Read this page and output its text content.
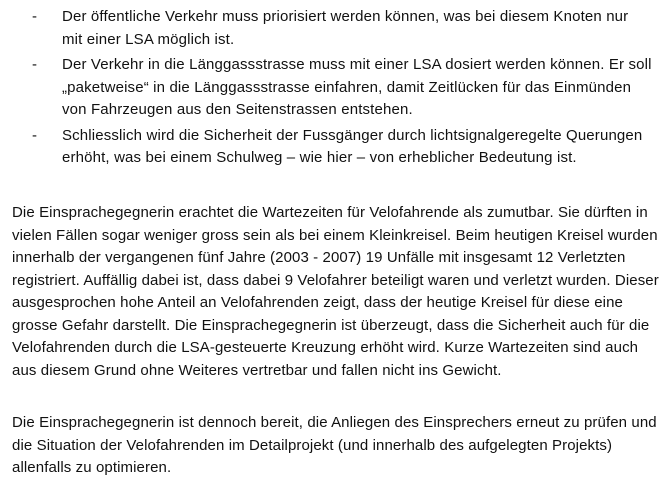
- Der öffentliche Verkehr muss priorisiert werden können, was bei diesem Knoten nur mit einer LSA möglich ist.
- Der Verkehr in die Länggassstrasse muss mit einer LSA dosiert werden können. Er soll „paketweise“ in die Länggassstrasse einfahren, damit Zeitlücken für das Einmünden von Fahrzeugen aus den Seitenstrassen entstehen.
- Schliesslich wird die Sicherheit der Fussgänger durch lichtsignalgeregelte Querungen erhöht, was bei einem Schulweg – wie hier – von erheblicher Bedeutung ist.

Die Einsprachegegnerin erachtet die Wartezeiten für Velofahrende als zumutbar. Sie dürften in vielen Fällen sogar weniger gross sein als bei einem Kleinkreisel. Beim heutigen Kreisel wurden innerhalb der vergangenen fünf Jahre (2003 - 2007) 19 Unfälle mit insgesamt 12 Verletzten registriert. Auffällig dabei ist, dass dabei 9 Velofahrer beteiligt waren und verletzt wurden. Dieser ausgesprochen hohe Anteil an Velofahrenden zeigt, dass der heutige Kreisel für diese eine grosse Gefahr darstellt. Die Einsprachegegnerin ist überzeugt, dass die Sicherheit auch für die Velofahrenden durch die LSA-gesteuerte Kreuzung erhöht wird. Kurze Wartezeiten sind auch aus diesem Grund ohne Weiteres vertretbar und fallen nicht ins Gewicht.

Die Einsprachegegnerin ist dennoch bereit, die Anliegen des Einsprechers erneut zu prüfen und die Situation der Velofahrenden im Detailprojekt (und innerhalb des aufgelegten Projekts) allenfalls zu optimieren.
